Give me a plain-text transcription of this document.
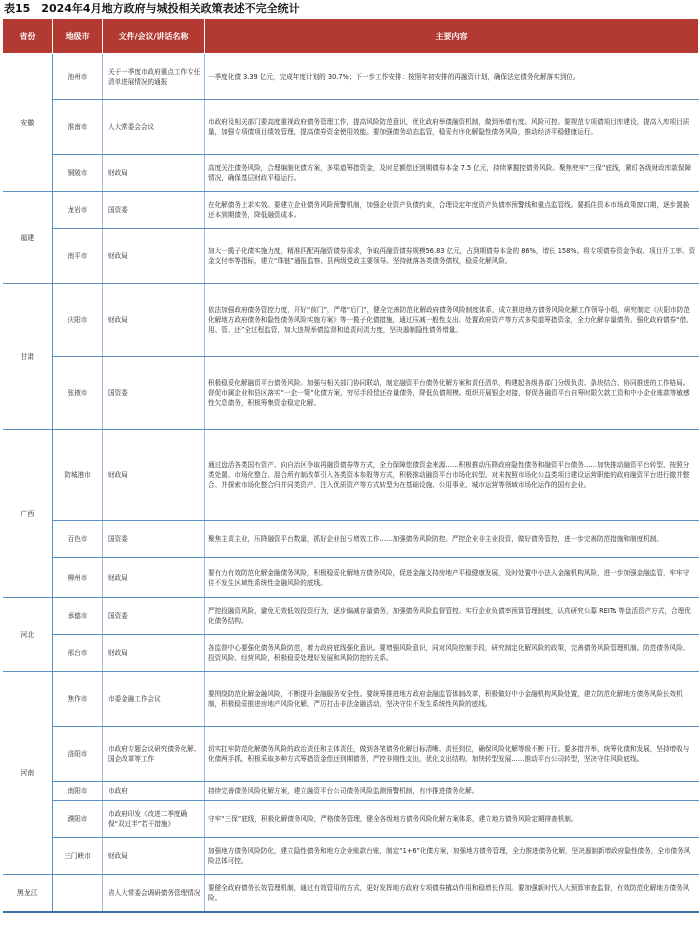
表15　2024年4月地方政府与城投相关政策表述不完全统计
省份	地级市	文件/会议/讲话名称	主要内容
安徽	池州市	关于一季度市政府重点工作专任清单进展情况的通报	一季度化债 3.39 亿元，完成年度计划的 30.7%；下一步工作安排：按照年初安排的再融资计划，确保法定债务化解落实到位。
	淮南市	人大常委会会议	市政府及相关部门要高度重视政府债务管理工作，提高风险防范意识，优化政府举债融资机制，做到举债有度、风险可控。要规范专项债项目库建设，提高入库项目质量，加强专项债项目绩效管理，提高债券资金使用效能。要加强债务动态监管，稳妥有序化解隐性债务风险，推动经济平稳健康运行。
	铜陵市	财政局	高度关注债务风险，合理编制化债方案，多渠道筹措资金，及时足额偿还到期债券本金 7.5 亿元，持续掌握控债务风险。聚焦兜牢“三保”底线，紧盯各级财政库款保障情况，确保基层财政平稳运行。
福建	龙岩市	国资委	在化解债务上求实效。要建立企业债务风险预警机制，加强企业资产负债约束，合理设定年度资产负债率预警线和重点监管线。要抓住资本市场政策窗口期，逐步置换还本到期债务，降低融资成本。
	南平市	财政局	加大一揽子化债实施力度，精准匹配再融资债券需求，争取再融资债券规模56.83 亿元，占到期债券本金的 86%，增长 158%。将专项债券资金争取、项目开工率、资金支付率等指标，建立“珠链”通报监察、县两级党政主要领导。坚持就落各类债务债权，稳妥化解风险。
甘肃	庆阳市	财政局	依法加强政府债务管控力度，开好“前门”，严堵“后门”，健全完善防范化解政府债务风险制度体系，成立推进地方债务风险化解工作领导小组，研究制定《庆阳市防范化解地方政府债务和隐性债务风险实施方案》等一揽子化债措施，通过压减一般性支出、处置政府资产等方式多渠道筹措资金，全力化解存量债务。强化政府债券“借、用、管、还”全过程监管，加大违规举债监督和追责问责力度，坚决遏制隐性债务增量。
	张掖市	国资委	积极稳妥化解融资平台债务风险。加强与相关部门协同联动，制定融资平台债务化解方案和责任清单，构建起各级各部门分级负责、条块结合、协同推进的工作格局。督促市属企业和县区落实“一企一策”化债方案，穷尽手段偿还存量债务，降低负债规模。组织开展银企对接，督促各融资平台自筹时限欠款工资和中小企业账款等敏感性欠息债务，积极筹集资金稳定化解。
广西	防城港市	财政局	通过盘活各类国有资产、向自治区争取再融资债券等方式，全力保障偿债资金来源……积极推动压降政府隐性债务和融资平台债务……加快推动融资平台转型、按照分类处置、市场化整合、混合所有制改革引入各类资本参股等方式，积极推动融资平台市场化转型。对未按照市场化公益类项目建设运营职能的政府融资平台进行撤并整合、并探索市场化整合归并同类资产、注入优质资产等方式转型为在基础设施、公用事业、城市运营等领域市场化运作的国有企业。
	百色市	国资委	聚焦主责主业，压降融资平台数量，抓好企业扭亏增效工作……加强债务风险防控。严控企业非主业投资，做好债务管控，进一步完善防范措施和制度机制。
	柳州市	财政局	要有力有效防范化解金融债务风险，积极稳妥化解地方债务风险，促进金融支持房地产平稳健康发展，及时处置中小法人金融机构风险，进一步加强金融监管，牢牢守住不发生区域性系统性金融风险的底线。
河北	承德市	国资委	严控投融资风险，避免无效低效投资行为，逐步偏减存量债务，加强债务风险监督管控。实行企业负债率预算管理制度，认真研究公募 REITs 等盘活资产方式，合理优化债务结构。
	邢台市	财政局	各监督中心要强化债务风险防范，着力政府底线强化意识。要增强风险意识，同对风险控制手段，研究制定化解风险的政策，完善债务风险管理机制。防范债务风险、投资风险、经营风险，积极稳妥处理好发展和风险防控的关系。
河南	焦作市	市委金融工作会议	要围绕防范化解金融风险，不断提升金融服务安全性。要统筹推进地方政府金融监管体制改革，积极做好中小金融机构风险处置，建立防范化解地方债务风险长效机制，积极稳妥推进房地产风险化解，严厉打击非法金融活动，坚决守住不发生系统性风险的底线。
	洛阳市	市政府专题会议研究债务化解、国企改革等工作	切实扛牢防范化解债务风险的政治责任和主体责任，做到各笔债务化解目标清晰、责任到位，确保风险化解等级不断下行。要多措并举，统筹化债和发展，坚持增收与化债两手抓，积极采取多种方式筹措资金偿还到期债务，严控非刚性支出，优化支出结构，加快转型发展……推动平台公司转型，坚决守住风险底线。
	南阳市	市政府	持续完善债务风险化解方案，建立融资平台公司债务风险监测预警机制，有序推进债务化解。
	濮阳市	市政府印发《改进二季度确保“双过半”若干措施》	守牢“三保”底线，积极化解债务风险，严格债务管理，健全各级地方债务风险化解方案体系，建立地方债务风险定期排查机制。
	三门峡市	财政局	加强地方债务风险防化，建立隐性债务和地方企业账款台账，制定“1+6”化债方案，加强地方债务管理，全力推进债务化解，坚决遏制新增政府隐性债务，全市债务风险总体可控。
黑龙江		省人大常委会调研债务管理情况	要健全政府债务长效管理机制，通过有效管用的方式，更好发挥地方政府专项债券撬动作用和稳增长作用。要加强新时代人大预算审查监督，有效防范化解地方债务风险。
